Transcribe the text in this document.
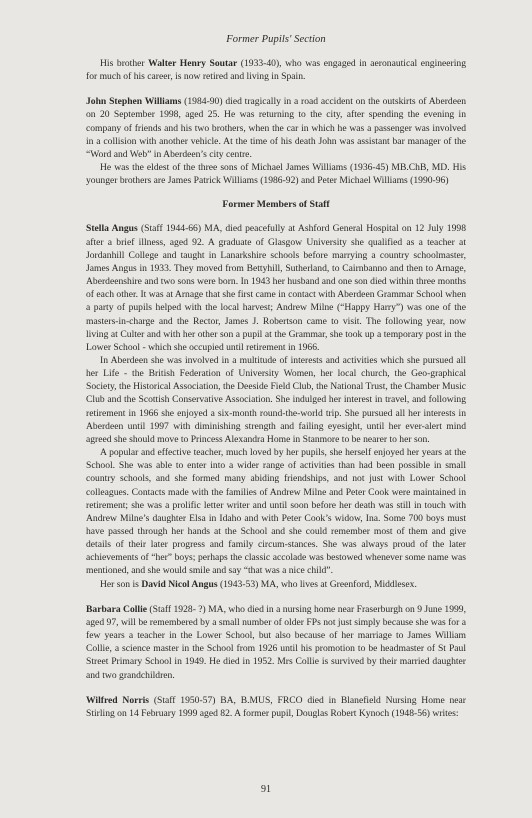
Former Pupils' Section

His brother Walter Henry Soutar (1933-40), who was engaged in aeronautical engineering for much of his career, is now retired and living in Spain.

John Stephen Williams (1984-90) died tragically in a road accident on the outskirts of Aberdeen on 20 September 1998, aged 25. He was returning to the city, after spending the evening in company of friends and his two brothers, when the car in which he was a passenger was involved in a collision with another vehicle. At the time of his death John was assistant bar manager of the “Word and Web” in Aberdeen’s city centre.

He was the eldest of the three sons of Michael James Williams (1936-45) MB.ChB, MD. His younger brothers are James Patrick Williams (1986-92) and Peter Michael Williams (1990-96)

Former Members of Staff

Stella Angus (Staff 1944-66) MA, died peacefully at Ashford General Hospital on 12 July 1998 after a brief illness, aged 92. A graduate of Glasgow University she qualified as a teacher at Jordanhill College and taught in Lanarkshire schools before marrying a country schoolmaster, James Angus in 1933. They moved from Bettyhill, Sutherland, to Cairnbanno and then to Arnage, Aberdeenshire and two sons were born. In 1943 her husband and one son died within three months of each other. It was at Arnage that she first came in contact with Aberdeen Grammar School when a party of pupils helped with the local harvest; Andrew Milne (“Happy Harry”) was one of the masters-in-charge and the Rector, James J. Robertson came to visit. The following year, now living at Culter and with her other son a pupil at the Grammar, she took up a temporary post in the Lower School - which she occupied until retirement in 1966.

In Aberdeen she was involved in a multitude of interests and activities which she pursued all her Life - the British Federation of University Women, her local church, the Geo-graphical Society, the Historical Association, the Deeside Field Club, the National Trust, the Chamber Music Club and the Scottish Conservative Association. She indulged her interest in travel, and following retirement in 1966 she enjoyed a six-month round-the-world trip. She pursued all her interests in Aberdeen until 1997 with diminishing strength and failing eyesight, until her ever-alert mind agreed she should move to Princess Alexandra Home in Stanmore to be nearer to her son.

A popular and effective teacher, much loved by her pupils, she herself enjoyed her years at the School. She was able to enter into a wider range of activities than had been possible in small country schools, and she formed many abiding friendships, and not just with Lower School colleagues. Contacts made with the families of Andrew Milne and Peter Cook were maintained in retirement; she was a prolific letter writer and until soon before her death was still in touch with Andrew Milne’s daughter Elsa in Idaho and with Peter Cook’s widow, Ina. Some 700 boys must have passed through her hands at the School and she could remember most of them and give details of their later progress and family circum-stances. She was always proud of the later achievements of “her” boys; perhaps the classic accolade was bestowed whenever some name was mentioned, and she would smile and say “that was a nice child”.

Her son is David Nicol Angus (1943-53) MA, who lives at Greenford, Middlesex.

Barbara Collie (Staff 1928- ?) MA, who died in a nursing home near Fraserburgh on 9 June 1999, aged 97, will be remembered by a small number of older FPs not just simply because she was for a few years a teacher in the Lower School, but also because of her marriage to James William Collie, a science master in the School from 1926 until his promotion to be headmaster of St Paul Street Primary School in 1949. He died in 1952. Mrs Collie is survived by their married daughter and two grandchildren.

Wilfred Norris (Staff 1950-57) BA, B.MUS, FRCO died in Blanefield Nursing Home near Stirling on 14 February 1999 aged 82. A former pupil, Douglas Robert Kynoch (1948-56) writes:

91
